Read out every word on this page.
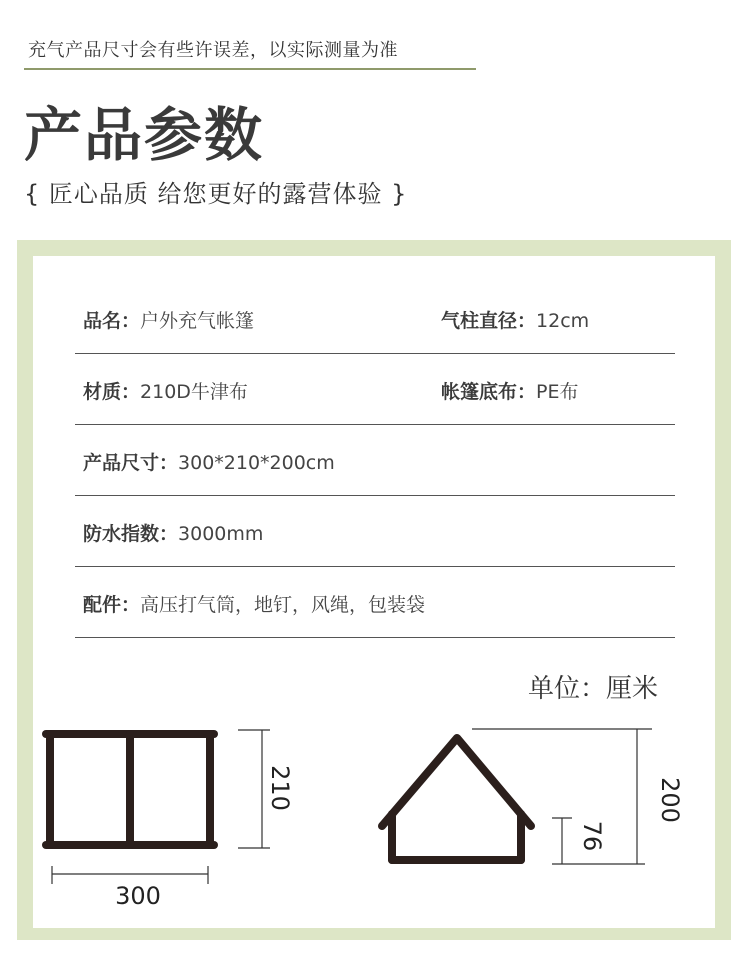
充气产品尺寸会有些许误差，以实际测量为准
产品参数
{ 匠心品质 给您更好的露营体验 }
品名：户外充气帐篷	气柱直径：12cm
材质：210D牛津布	帐篷底布：PE布
产品尺寸：300*210*200cm
防水指数：3000mm
配件：高压打气筒，地钉，风绳，包装袋
单位：厘米
210
300
200
76
